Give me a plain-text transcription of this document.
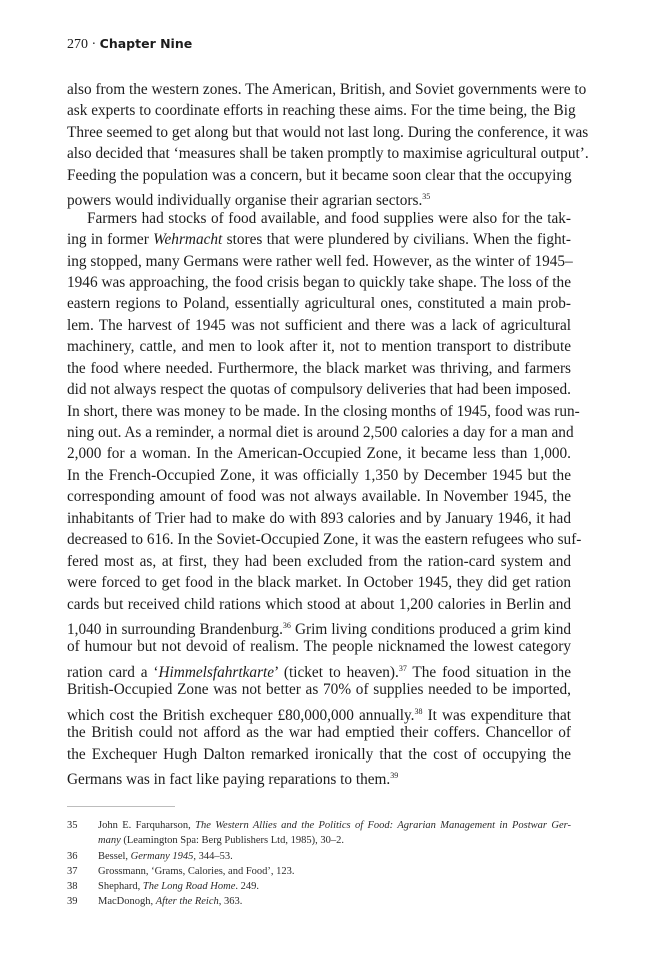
270 · Chapter Nine
also from the western zones. The American, British, and Soviet governments were to
ask experts to coordinate efforts in reaching these aims. For the time being, the Big
Three seemed to get along but that would not last long. During the conference, it was
also decided that ‘measures shall be taken promptly to maximise agricultural output’.
Feeding the population was a concern, but it became soon clear that the occupying
powers would individually organise their agrarian sectors.$^{35}$
Farmers had stocks of food available, and food supplies were also for the tak-
ing in former Wehrmacht stores that were plundered by civilians. When the fight-
ing stopped, many Germans were rather well fed. However, as the winter of 1945–
1946 was approaching, the food crisis began to quickly take shape. The loss of the
eastern regions to Poland, essentially agricultural ones, constituted a main prob-
lem. The harvest of 1945 was not sufficient and there was a lack of agricultural
machinery, cattle, and men to look after it, not to mention transport to distribute
the food where needed. Furthermore, the black market was thriving, and farmers
did not always respect the quotas of compulsory deliveries that had been imposed.
In short, there was money to be made. In the closing months of 1945, food was run-
ning out. As a reminder, a normal diet is around 2,500 calories a day for a man and
2,000 for a woman. In the American-Occupied Zone, it became less than 1,000.
In the French-Occupied Zone, it was officially 1,350 by December 1945 but the
corresponding amount of food was not always available. In November 1945, the
inhabitants of Trier had to make do with 893 calories and by January 1946, it had
decreased to 616. In the Soviet-Occupied Zone, it was the eastern refugees who suf-
fered most as, at first, they had been excluded from the ration-card system and
were forced to get food in the black market. In October 1945, they did get ration
cards but received child rations which stood at about 1,200 calories in Berlin and
1,040 in surrounding Brandenburg.$^{36}$ Grim living conditions produced a grim kind
of humour but not devoid of realism. The people nicknamed the lowest category
ration card a ‘Himmelsfahrtkarte’ (ticket to heaven).$^{37}$ The food situation in the
British-Occupied Zone was not better as 70% of supplies needed to be imported,
which cost the British exchequer £80,000,000 annually.$^{38}$ It was expenditure that
the British could not afford as the war had emptied their coffers. Chancellor of
the Exchequer Hugh Dalton remarked ironically that the cost of occupying the
Germans was in fact like paying reparations to them.$^{39}$
35	John E. Farquharson, The Western Allies and the Politics of Food: Agrarian Management in Postwar Ger-
many (Leamington Spa: Berg Publishers Ltd, 1985), 30–2.
36	Bessel, Germany 1945, 344–53.
37	Grossmann, ‘Grams, Calories, and Food’, 123.
38	Shephard, The Long Road Home. 249.
39	MacDonogh, After the Reich, 363.
